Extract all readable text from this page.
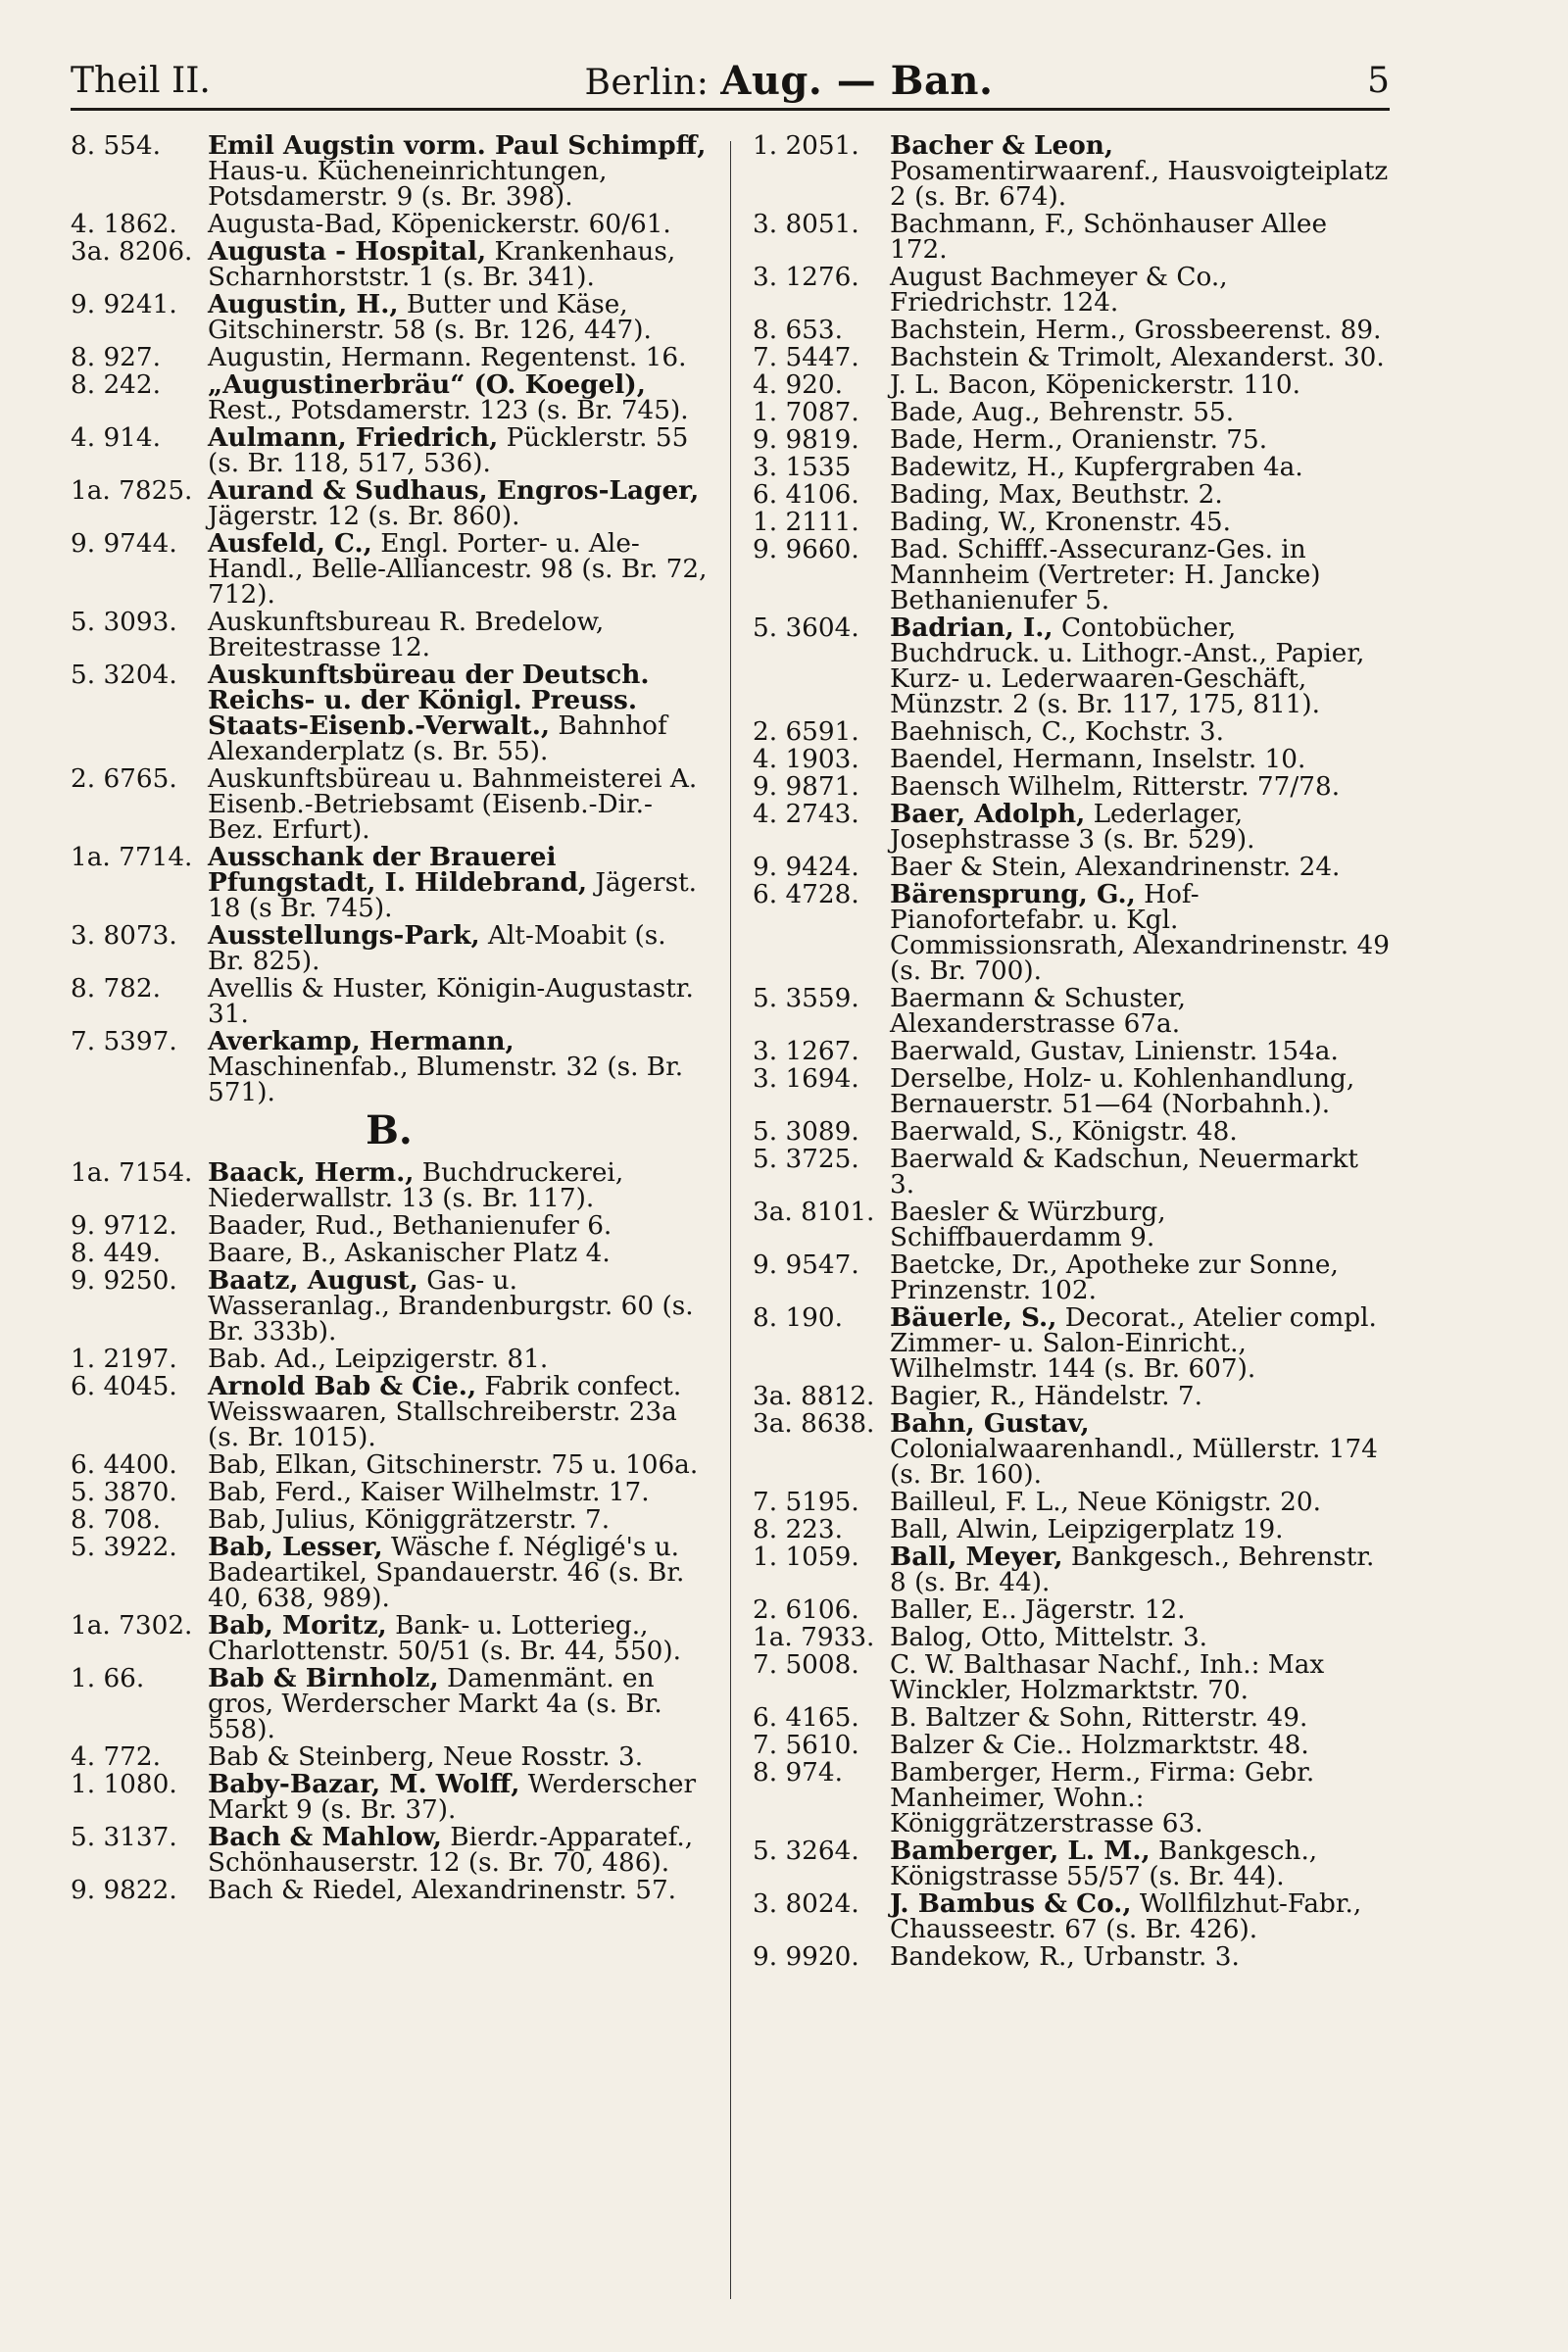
Theil II.	Berlin: Aug. — Ban.	5
8. 554.	Emil Augstin vorm. Paul Schimpff, Haus-u. Kücheneinrichtungen, Potsdamerstr. 9 (s. Br. 398).
4. 1862.	Augusta-Bad, Köpenickerstr. 60/61.
3a. 8206. Augusta - Hospital, Krankenhaus, Scharnhorststr. 1 (s. Br. 341).
9. 9241.	Augustin, H., Butter und Käse, Gitschinerstr. 58 (s. Br. 126, 447).
8. 927.	Augustin, Hermann. Regentenst. 16.
8. 242.	„Augustinerbräu“ (O. Koegel), Rest., Potsdamerstr. 123 (s. Br. 745).
4. 914.	Aulmann, Friedrich, Pücklerstr. 55 (s. Br. 118, 517, 536).
1a. 7825. Aurand & Sudhaus, Engros-Lager, Jägerstr. 12 (s. Br. 860).
9. 9744.	Ausfeld, C., Engl. Porter- u. Ale-Handl., Belle-Alliancestr. 98 (s. Br. 72, 712).
5. 3093.	Auskunftsbureau R. Bredelow, Breitestrasse 12.
5. 3204.	Auskunftsbüreau der Deutsch. Reichs- u. der Königl. Preuss. Staats-Eisenb.-Verwalt., Bahnhof Alexanderplatz (s. Br. 55).
2. 6765.	Auskunftsbüreau u. Bahnmeisterei A. Eisenb.-Betriebsamt (Eisenb.-Dir.-Bez. Erfurt).
1a. 7714. Ausschank der Brauerei Pfungstadt, I. Hildebrand, Jägerst. 18 (s Br. 745).
3. 8073.	Ausstellungs-Park, Alt-Moabit (s. Br. 825).
8. 782.	Avellis & Huster, Königin-Augustastr. 31.
7. 5397.	Averkamp, Hermann, Maschinenfab., Blumenstr. 32 (s. Br. 571).
B.
1a. 7154. Baack, Herm., Buchdruckerei, Niederwallstr. 13 (s. Br. 117).
9. 9712.	Baader, Rud., Bethanienufer 6.
8. 449.	Baare, B., Askanischer Platz 4.
9. 9250.	Baatz, August, Gas- u. Wasseranlag., Brandenburgstr. 60 (s. Br. 333b).
1. 2197.	Bab. Ad., Leipzigerstr. 81.
6. 4045.	Arnold Bab & Cie., Fabrik confect. Weisswaaren, Stallschreiberstr. 23a (s. Br. 1015).
6. 4400.	Bab, Elkan, Gitschinerstr. 75 u. 106a.
5. 3870.	Bab, Ferd., Kaiser Wilhelmstr. 17.
8. 708.	Bab, Julius, Königgrätzerstr. 7.
5. 3922.	Bab, Lesser, Wäsche f. Négligé's u. Badeartikel, Spandauerstr. 46 (s. Br. 40, 638, 989).
1a. 7302. Bab, Moritz, Bank- u. Lotterieg., Charlottenstr. 50/51 (s. Br. 44, 550).
1. 66.	Bab & Birnholz, Damenmänt. en gros, Werderscher Markt 4a (s. Br. 558).
4. 772.	Bab & Steinberg, Neue Rosstr. 3.
1. 1080.	Baby-Bazar, M. Wolff, Werderscher Markt 9 (s. Br. 37).
5. 3137.	Bach & Mahlow, Bierdr.-Apparatef., Schönhauserstr. 12 (s. Br. 70, 486).
9. 9822.	Bach & Riedel, Alexandrinenstr. 57.
1. 2051.	Bacher & Leon, Posamentirwaarenf., Hausvoigteiplatz 2 (s. Br. 674).
3. 8051.	Bachmann, F., Schönhauser Allee 172.
3. 1276.	August Bachmeyer & Co., Friedrichstr. 124.
8. 653.	Bachstein, Herm., Grossbeerenst. 89.
7. 5447.	Bachstein & Trimolt, Alexanderst. 30.
4. 920.	J. L. Bacon, Köpenickerstr. 110.
1. 7087.	Bade, Aug., Behrenstr. 55.
9. 9819.	Bade, Herm., Oranienstr. 75.
3. 1535	Badewitz, H., Kupfergraben 4a.
6. 4106.	Bading, Max, Beuthstr. 2.
1. 2111.	Bading, W., Kronenstr. 45.
9. 9660.	Bad. Schifff.-Assecuranz-Ges. in Mannheim (Vertreter: H. Jancke) Bethanienufer 5.
5. 3604.	Badrian, I., Contobücher, Buchdruck. u. Lithogr.-Anst., Papier, Kurz- u. Lederwaaren-Geschäft, Münzstr. 2 (s. Br. 117, 175, 811).
2. 6591.	Baehnisch, C., Kochstr. 3.
4. 1903.	Baendel, Hermann, Inselstr. 10.
9. 9871.	Baensch Wilhelm, Ritterstr. 77/78.
4. 2743.	Baer, Adolph, Lederlager, Josephstrasse 3 (s. Br. 529).
9. 9424.	Baer & Stein, Alexandrinenstr. 24.
6. 4728.	Bärensprung, G., Hof-Pianofortefabr. u. Kgl. Commissionsrath, Alexandrinenstr. 49 (s. Br. 700).
5. 3559.	Baermann & Schuster, Alexanderstrasse 67a.
3. 1267.	Baerwald, Gustav, Linienstr. 154a.
3. 1694.	Derselbe, Holz- u. Kohlenhandlung, Bernauerstr. 51—64 (Norbahnh.).
5. 3089.	Baerwald, S., Königstr. 48.
5. 3725.	Baerwald & Kadschun, Neuermarkt 3.
3a. 8101. Baesler & Würzburg, Schiffbauerdamm 9.
9. 9547.	Baetcke, Dr., Apotheke zur Sonne, Prinzenstr. 102.
8. 190.	Bäuerle, S., Decorat., Atelier compl. Zimmer- u. Salon-Einricht., Wilhelmstr. 144 (s. Br. 607).
3a. 8812. Bagier, R., Händelstr. 7.
3a. 8638. Bahn, Gustav, Colonialwaarenhandl., Müllerstr. 174 (s. Br. 160).
7. 5195.	Bailleul, F. L., Neue Königstr. 20.
8. 223.	Ball, Alwin, Leipzigerplatz 19.
1. 1059.	Ball, Meyer, Bankgesch., Behrenstr. 8 (s. Br. 44).
2. 6106.	Baller, E.. Jägerstr. 12.
1a. 7933. Balog, Otto, Mittelstr. 3.
7. 5008.	C. W. Balthasar Nachf., Inh.: Max Winckler, Holzmarktstr. 70.
6. 4165.	B. Baltzer & Sohn, Ritterstr. 49.
7. 5610.	Balzer & Cie.. Holzmarktstr. 48.
8. 974.	Bamberger, Herm., Firma: Gebr. Manheimer, Wohn.: Königgrätzerstrasse 63.
5. 3264.	Bamberger, L. M., Bankgesch., Königstrasse 55/57 (s. Br. 44).
3. 8024.	J. Bambus & Co., Wollfilzhut-Fabr., Chausseestr. 67 (s. Br. 426).
9. 9920.	Bandekow, R., Urbanstr. 3.
